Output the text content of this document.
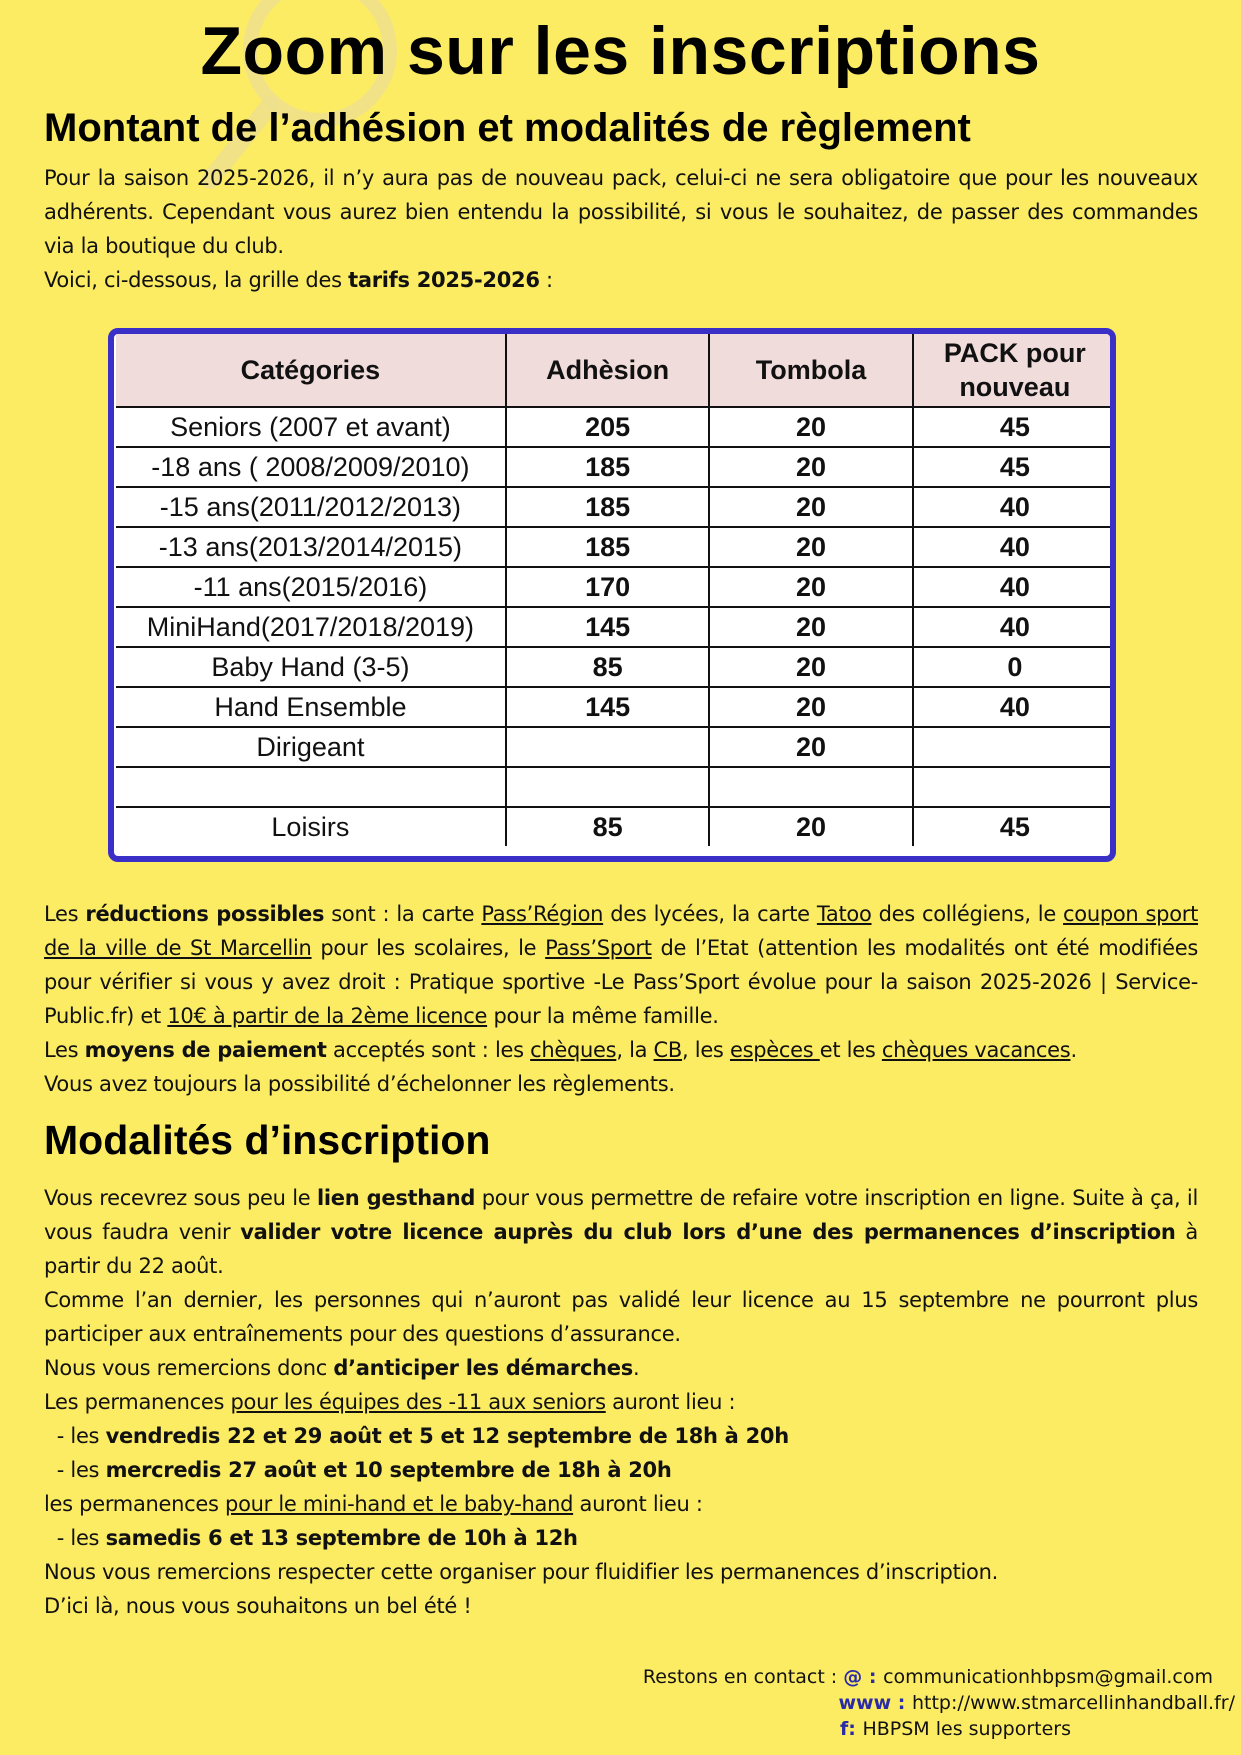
Zoom sur les inscriptions
Montant de l’adhésion et modalités de règlement

Pour la saison 2025-2026, il n’y aura pas de nouveau pack, celui-ci ne sera obligatoire que pour les nouveaux adhérents. Cependant vous aurez bien entendu la possibilité, si vous le souhaitez, de passer des commandes via la boutique du club.

Voici, ci-dessous, la grille des tarifs 2025-2026 :

Catégories	Adhèsion	Tombola	PACK pour nouveau
Seniors (2007 et avant)	205	20	45
-18 ans ( 2008/2009/2010)	185	20	45
-15 ans(2011/2012/2013)	185	20	40
-13 ans(2013/2014/2015)	185	20	40
-11 ans(2015/2016)	170	20	40
MiniHand(2017/2018/2019)	145	20	40
Baby Hand (3-5)	85	20	0
Hand Ensemble	145	20	40
Dirigeant		20	

Loisirs	85	20	45

Les réductions possibles sont : la carte Pass’Région des lycées, la carte Tatoo des collégiens, le coupon sport de la ville de St Marcellin pour les scolaires, le Pass’Sport de l’Etat (attention les modalités ont été modifiées pour vérifier si vous y avez droit : Pratique sportive -Le Pass’Sport évolue pour la saison 2025-2026 | Service-Public.fr) et 10€ à partir de la 2ème licence pour la même famille.

Les moyens de paiement acceptés sont : les chèques, la CB, les espèces et les chèques vacances.

Vous avez toujours la possibilité d’échelonner les règlements.

Modalités d’inscription

Vous recevrez sous peu le lien gesthand pour vous permettre de refaire votre inscription en ligne. Suite à ça, il vous faudra venir valider votre licence auprès du club lors d’une des permanences d’inscription à partir du 22 août.

Comme l’an dernier, les personnes qui n’auront pas validé leur licence au 15 septembre ne pourront plus participer aux entraînements pour des questions d’assurance.

Nous vous remercions donc d’anticiper les démarches.

Les permanences pour les équipes des -11 aux seniors auront lieu :

- les vendredis 22 et 29 août et 5 et 12 septembre de 18h à 20h

- les mercredis 27 août et 10 septembre de 18h à 20h

les permanences pour le mini-hand et le baby-hand auront lieu :

- les samedis 6 et 13 septembre de 10h à 12h

Nous vous remercions respecter cette organiser pour fluidifier les permanences d’inscription.

D’ici là, nous vous souhaitons un bel été !

Restons en contact : @ : communicationhbpsm@gmail.com
www : http://www.stmarcellinhandball.fr/
f: HBPSM les supporters
